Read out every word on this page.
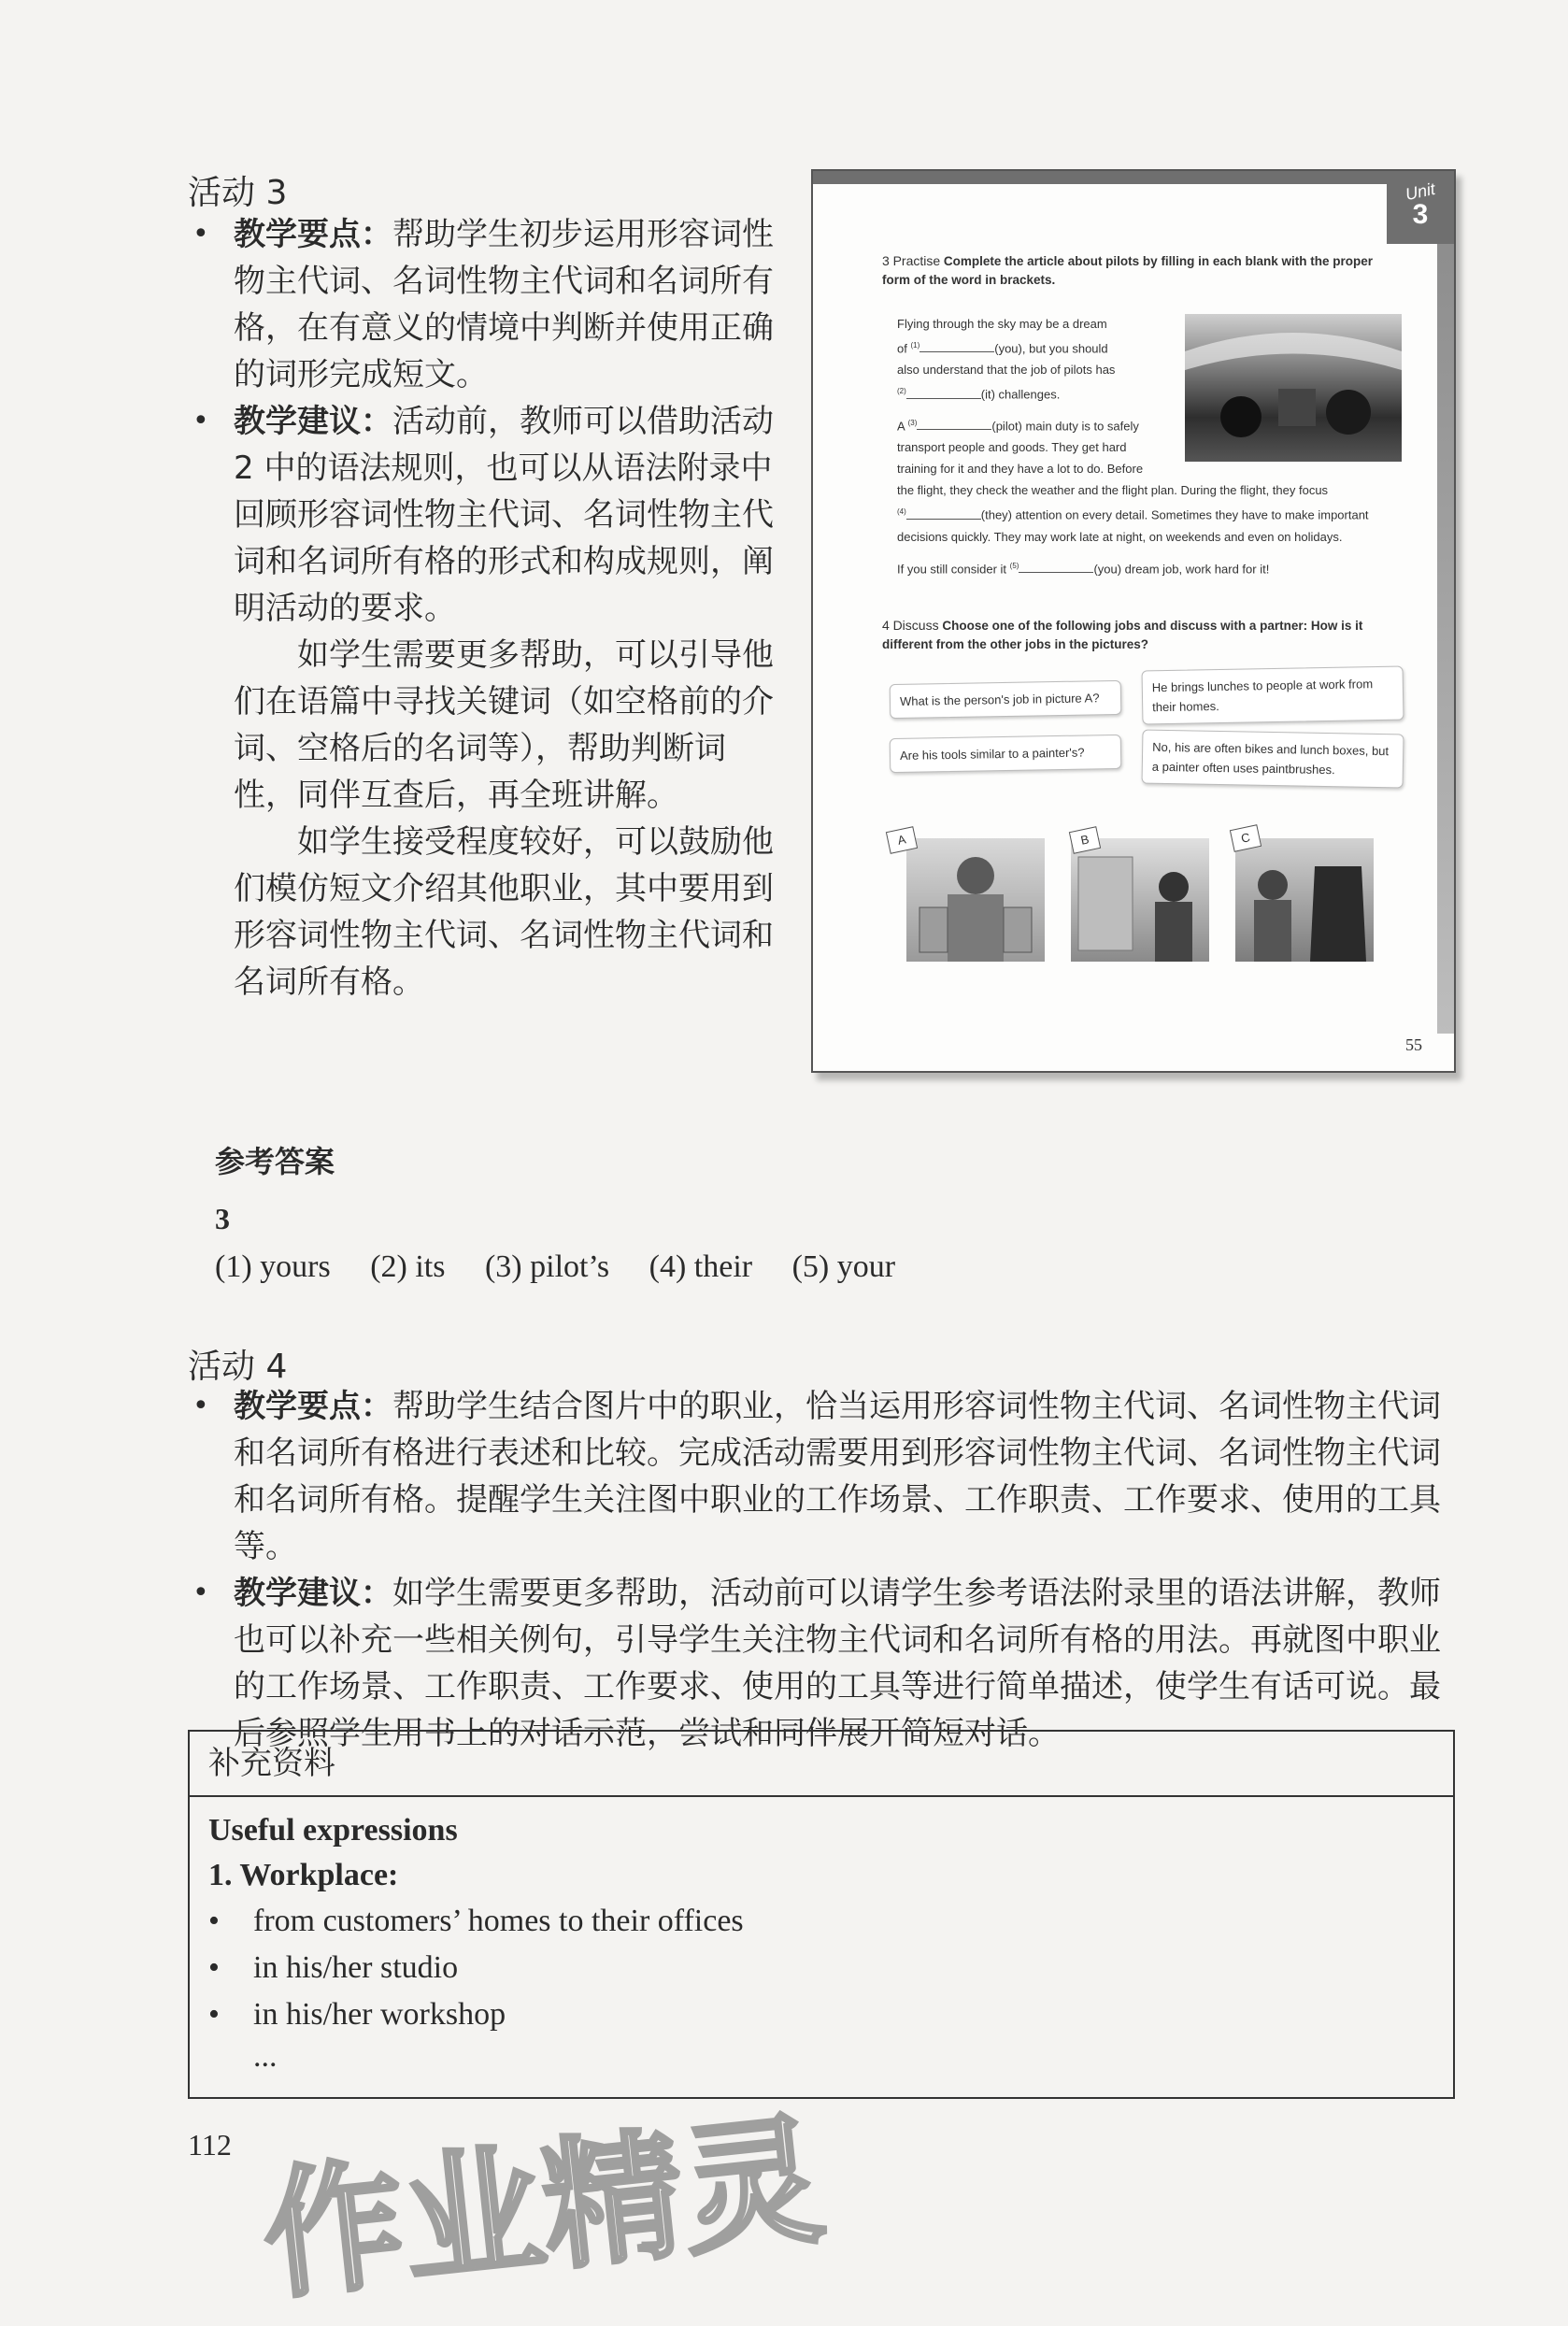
活动 3
• 教学要点：帮助学生初步运用形容词性物主代词、名词性物主代词和名词所有格，在有意义的情境中判断并使用正确的词形完成短文。
• 教学建议：活动前，教师可以借助活动 2 中的语法规则，也可以从语法附录中回顾形容词性物主代词、名词性物主代词和名词所有格的形式和构成规则，阐明活动的要求。
如学生需要更多帮助，可以引导他们在语篇中寻找关键词（如空格前的介词、空格后的名词等），帮助判断词性，同伴互查后，再全班讲解。
如学生接受程度较好，可以鼓励他们模仿短文介绍其他职业，其中要用到形容词性物主代词、名词性物主代词和名词所有格。
Unit
3
3 Practise Complete the article about pilots by filling in each blank with the proper form of the word in brackets.
Flying through the sky may be a dream
of $^{(1)}$	(you), but you should
also understand that the job of pilots has
$^{(2)}$	(it) challenges.
A $^{(3)}$	(pilot) main duty is to safely
transport people and goods. They get hard
training for it and they have a lot to do. Before
the flight, they check the weather and the flight plan. During the flight, they focus
$^{(4)}$	(they) attention on every detail. Sometimes they have to make important
decisions quickly. They may work late at night, on weekends and even on holidays.
If you still consider it $^{(5)}$	(you) dream job, work hard for it!
4 Discuss Choose one of the following jobs and discuss with a partner: How is it different from the other jobs in the pictures?
What is the person's job in picture A?
He brings lunches to people at work from their homes.
Are his tools similar to a painter's?	No, his are often bikes and lunch boxes, but a painter often uses paintbrushes.
A	B	C
55
参考答案
3
(1) yours (2) its (3) pilot’s (4) their (5) your
活动 4
• 教学要点：帮助学生结合图片中的职业，恰当运用形容词性物主代词、名词性物主代词和名词所有格进行表述和比较。完成活动需要用到形容词性物主代词、名词性物主代词和名词所有格。提醒学生关注图中职业的工作场景、工作职责、工作要求、使用的工具等。
• 教学建议：如学生需要更多帮助，活动前可以请学生参考语法附录里的语法讲解，教师也可以补充一些相关例句，引导学生关注物主代词和名词所有格的用法。再就图中职业的工作场景、工作职责、工作要求、使用的工具等进行简单描述，使学生有话可说。最后参照学生用书上的对话示范，尝试和同伴展开简短对话。
补充资料
Useful expressions
1. Workplace:
• from customers’ homes to their offices
• in his/her studio
• in his/her workshop
...
112 作业精灵
